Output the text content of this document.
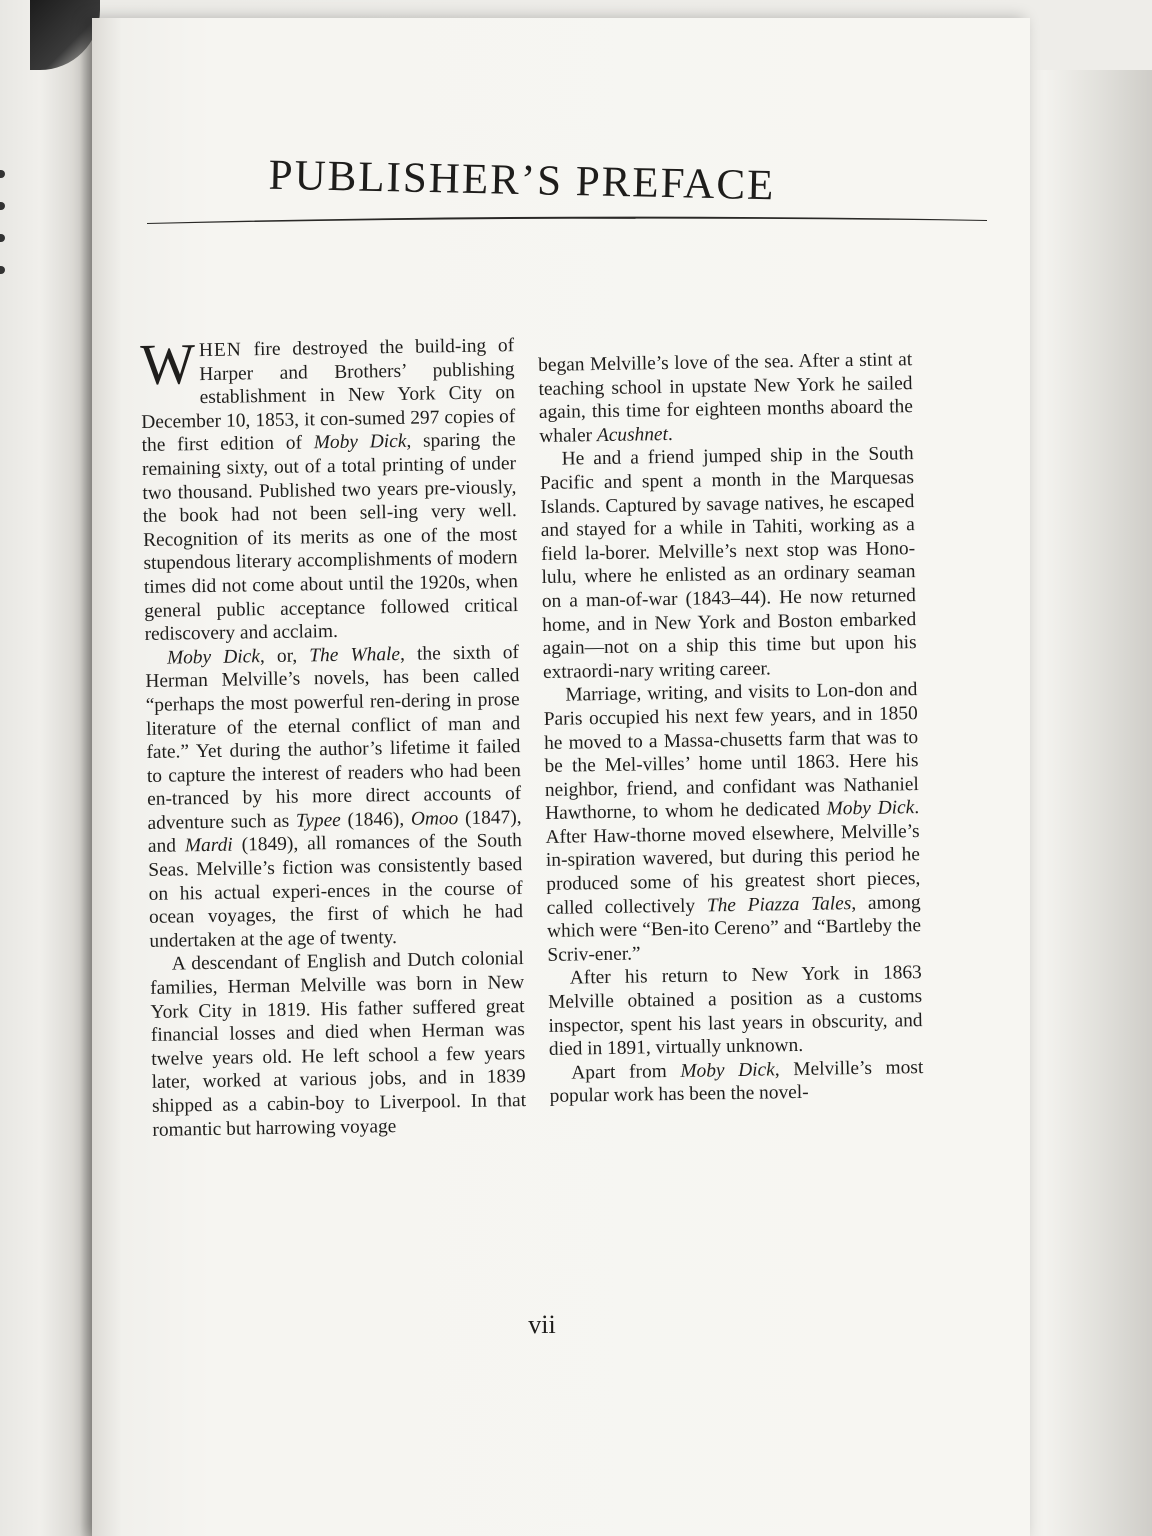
PUBLISHER’S PREFACE

WHEN fire destroyed the build-ing of Harper and Brothers’ publishing establishment in New York City on December 10, 1853, it con-sumed 297 copies of the first edition of Moby Dick, sparing the remaining sixty, out of a total printing of under two thousand. Published two years pre-viously, the book had not been sell-ing very well. Recognition of its merits as one of the most stupendous literary accomplishments of modern times did not come about until the 1920s, when general public acceptance followed critical rediscovery and acclaim.

Moby Dick, or, The Whale, the sixth of Herman Melville’s novels, has been called “perhaps the most powerful ren-dering in prose literature of the eternal conflict of man and fate.” Yet during the author’s lifetime it failed to capture the interest of readers who had been en-tranced by his more direct accounts of adventure such as Typee (1846), Omoo (1847), and Mardi (1849), all romances of the South Seas. Melville’s fiction was consistently based on his actual experi-ences in the course of ocean voyages, the first of which he had undertaken at the age of twenty.

A descendant of English and Dutch colonial families, Herman Melville was born in New York City in 1819. His father suffered great financial losses and died when Herman was twelve years old. He left school a few years later, worked at various jobs, and in 1839 shipped as a cabin-boy to Liverpool. In that romantic but harrowing voyage

began Melville’s love of the sea. After a stint at teaching school in upstate New York he sailed again, this time for eighteen months aboard the whaler Acushnet.

He and a friend jumped ship in the South Pacific and spent a month in the Marquesas Islands. Captured by savage natives, he escaped and stayed for a while in Tahiti, working as a field la-borer. Melville’s next stop was Hono-lulu, where he enlisted as an ordinary seaman on a man-of-war (1843–44). He now returned home, and in New York and Boston embarked again—not on a ship this time but upon his extraordi-nary writing career.

Marriage, writing, and visits to Lon-don and Paris occupied his next few years, and in 1850 he moved to a Massa-chusetts farm that was to be the Mel-villes’ home until 1863. Here his neighbor, friend, and confidant was Nathaniel Hawthorne, to whom he dedicated Moby Dick. After Haw-thorne moved elsewhere, Melville’s in-spiration wavered, but during this period he produced some of his greatest short pieces, called collectively The Piazza Tales, among which were “Ben-ito Cereno” and “Bartleby the Scriv-ener.”

After his return to New York in 1863 Melville obtained a position as a customs inspector, spent his last years in obscurity, and died in 1891, virtually unknown.

Apart from Moby Dick, Melville’s most popular work has been the novel-

vii
